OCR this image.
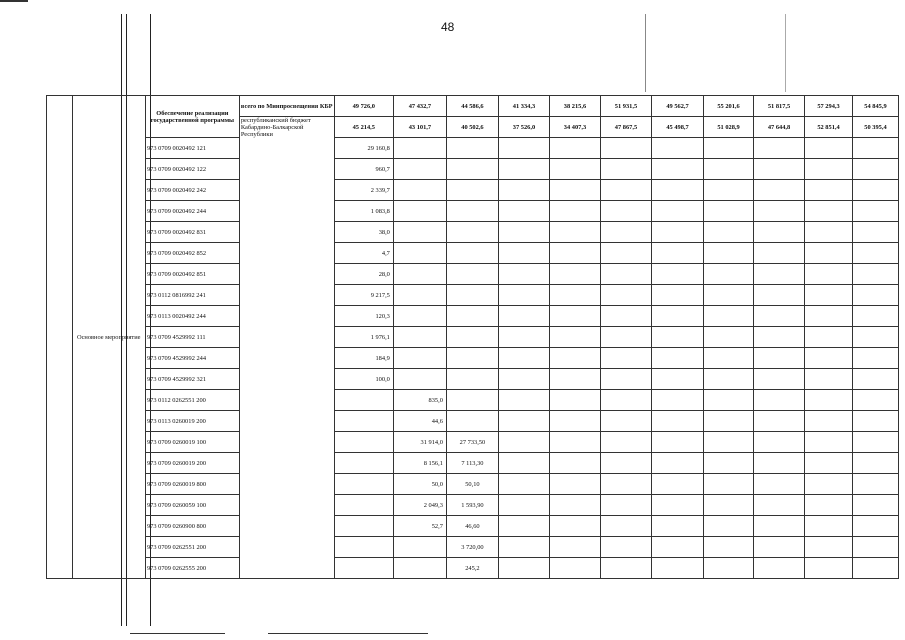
48
	Основное мероприятие	Обеспечение реализации государственной программы	всего по Минпросвещения КБР	49 726,0	47 432,7	44 586,6	41 334,3	38 215,6	51 931,5	49 562,7	55 201,6	51 817,5	57 294,3	54 845,9
			республиканский бюджет Кабардино-Балкарской Республики	45 214,5	43 101,7	40 502,6	37 526,0	34 407,3	47 867,5	45 498,7	51 028,9	47 644,8	52 851,4	50 395,4
		973 0709 0020492 121		29 160,8										
		973 0709 0020492 122		960,7										
		973 0709 0020492 242		2 339,7										
		973 0709 0020492 244		1 083,8										
		973 0709 0020492 831		38,0										
		973 0709 0020492 852		4,7										
		973 0709 0020492 851		28,0										
		973 0112 0816992 241		9 217,5										
		973 0113 0020492 244		120,3										
		973 0709 4529992 111		1 976,1										
		973 0709 4529992 244		184,9										
		973 0709 4529992 321		100,0										
		973 0112 0262551 200			835,0									
		973 0113 0260019 200			44,6									
		973 0709 0260019 100			31 914,0	27 733,50								
		973 0709 0260019 200			8 156,1	7 113,30								
		973 0709 0260019 800			50,0	50,10								
		973 0709 0260059 100			2 049,3	1 593,90								
		973 0709 0260900 800			52,7	46,60								
		973 0709 0262551 200				3 720,00								
		973 0709 0262555 200				245,2								
